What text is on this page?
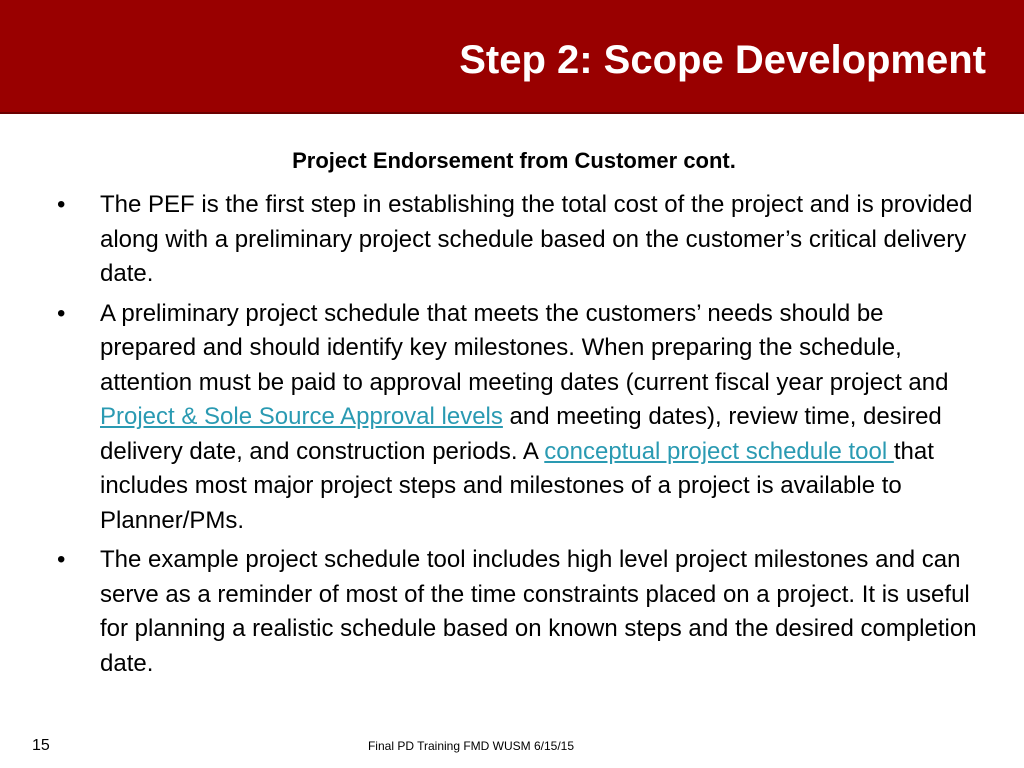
Step 2: Scope Development

Project Endorsement from Customer cont.

•	The PEF is the first step in establishing the total cost of the project and is provided along with a preliminary project schedule based on the customer’s critical delivery date.
•	A preliminary project schedule that meets the customers’ needs should be prepared and should identify key milestones. When preparing the schedule, attention must be paid to approval meeting dates (current fiscal year project and Project & Sole Source Approval levels and meeting dates), review time, desired delivery date, and construction periods. A conceptual project schedule tool that includes most major project steps and milestones of a project is available to Planner/PMs.
•	The example project schedule tool includes high level project milestones and can serve as a reminder of most of the time constraints placed on a project. It is useful for planning a realistic schedule based on known steps and the desired completion date.
15	Final PD Training FMD WUSM 6/15/15
